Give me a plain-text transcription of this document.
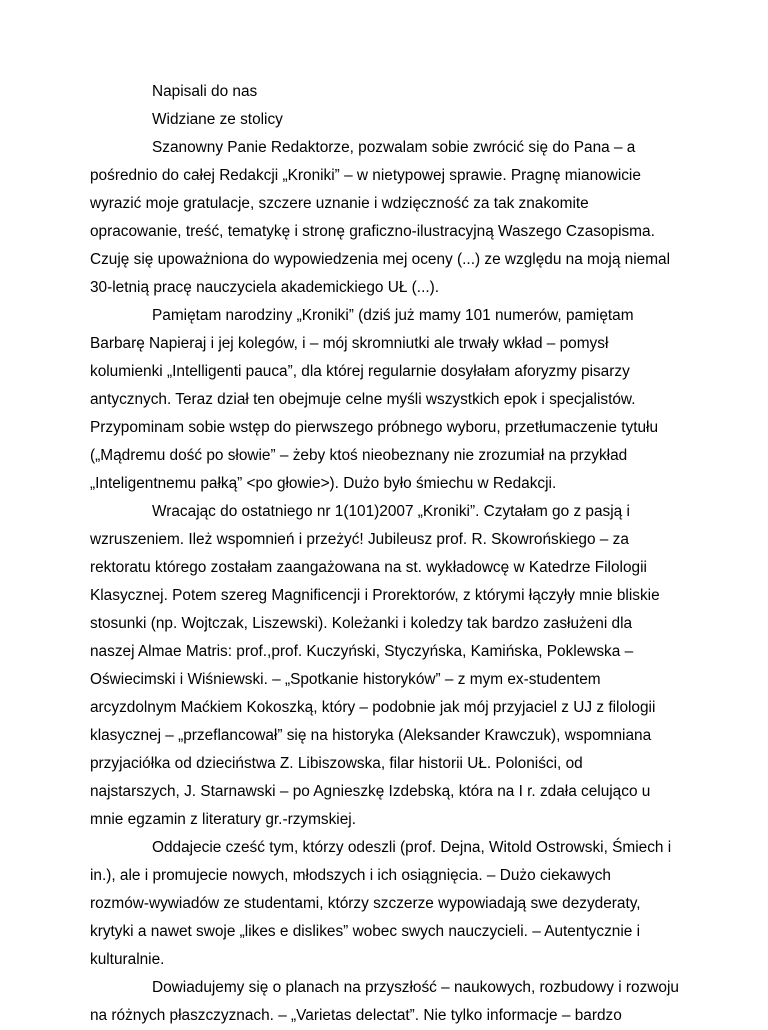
Napisali do nas
Widziane ze stolicy
Szanowny Panie Redaktorze, pozwalam sobie zwrócić się do Pana – a
pośrednio do całej Redakcji „Kroniki” – w nietypowej sprawie. Pragnę mianowicie
wyrazić moje gratulacje, szczere uznanie i wdzięczność za tak znakomite
opracowanie, treść, tematykę i stronę graficzno-ilustracyjną Waszego Czasopisma.
Czuję się upoważniona do wypowiedzenia mej oceny (...) ze względu na moją niemal
30-letnią pracę nauczyciela akademickiego UŁ (...).
Pamiętam narodziny „Kroniki” (dziś już mamy 101 numerów, pamiętam
Barbarę Napieraj i jej kolegów, i – mój skromniutki ale trwały wkład – pomysł
kolumienki „Intelligenti pauca”, dla której regularnie dosyłałam aforyzmy pisarzy
antycznych. Teraz dział ten obejmuje celne myśli wszystkich epok i specjalistów.
Przypominam sobie wstęp do pierwszego próbnego wyboru, przetłumaczenie tytułu
(„Mądremu dość po słowie” – żeby ktoś nieobeznany nie zrozumiał na przykład
„Inteligentnemu pałką” <po głowie>). Dużo było śmiechu w Redakcji.
Wracając do ostatniego nr 1(101)2007 „Kroniki”. Czytałam go z pasją i
wzruszeniem. Ileż wspomnień i przeżyć! Jubileusz prof. R. Skowrońskiego – za
rektoratu którego zostałam zaangażowana na st. wykładowcę w Katedrze Filologii
Klasycznej. Potem szereg Magnificencji i Prorektorów, z którymi łączyły mnie bliskie
stosunki (np. Wojtczak, Liszewski). Koleżanki i koledzy tak bardzo zasłużeni dla
naszej Almae Matris: prof.,prof. Kuczyński, Styczyńska, Kamińska, Poklewska –
Oświecimski i Wiśniewski. – „Spotkanie historyków” – z mym ex-studentem
arcyzdolnym Maćkiem Kokoszką, który – podobnie jak mój przyjaciel z UJ z filologii
klasycznej – „przeflancował” się na historyka (Aleksander Krawczuk), wspomniana
przyjaciółka od dzieciństwa Z. Libiszowska, filar historii UŁ. Poloniści, od
najstarszych, J. Starnawski – po Agnieszkę Izdebską, która na I r. zdała celująco u
mnie egzamin z literatury gr.-rzymskiej.
Oddajecie cześć tym, którzy odeszli (prof. Dejna, Witold Ostrowski, Śmiech i
in.), ale i promujecie nowych, młodszych i ich osiągnięcia. – Dużo ciekawych
rozmów-wywiadów ze studentami, którzy szczerze wypowiadają swe dezyderaty,
krytyki a nawet swoje „likes e dislikes” wobec swych nauczycieli. – Autentycznie i
kulturalnie.
Dowiadujemy się o planach na przyszłość – naukowych, rozbudowy i rozwoju
na różnych płaszczyznach. – „Varietas delectat”. Nie tylko informacje – bardzo
